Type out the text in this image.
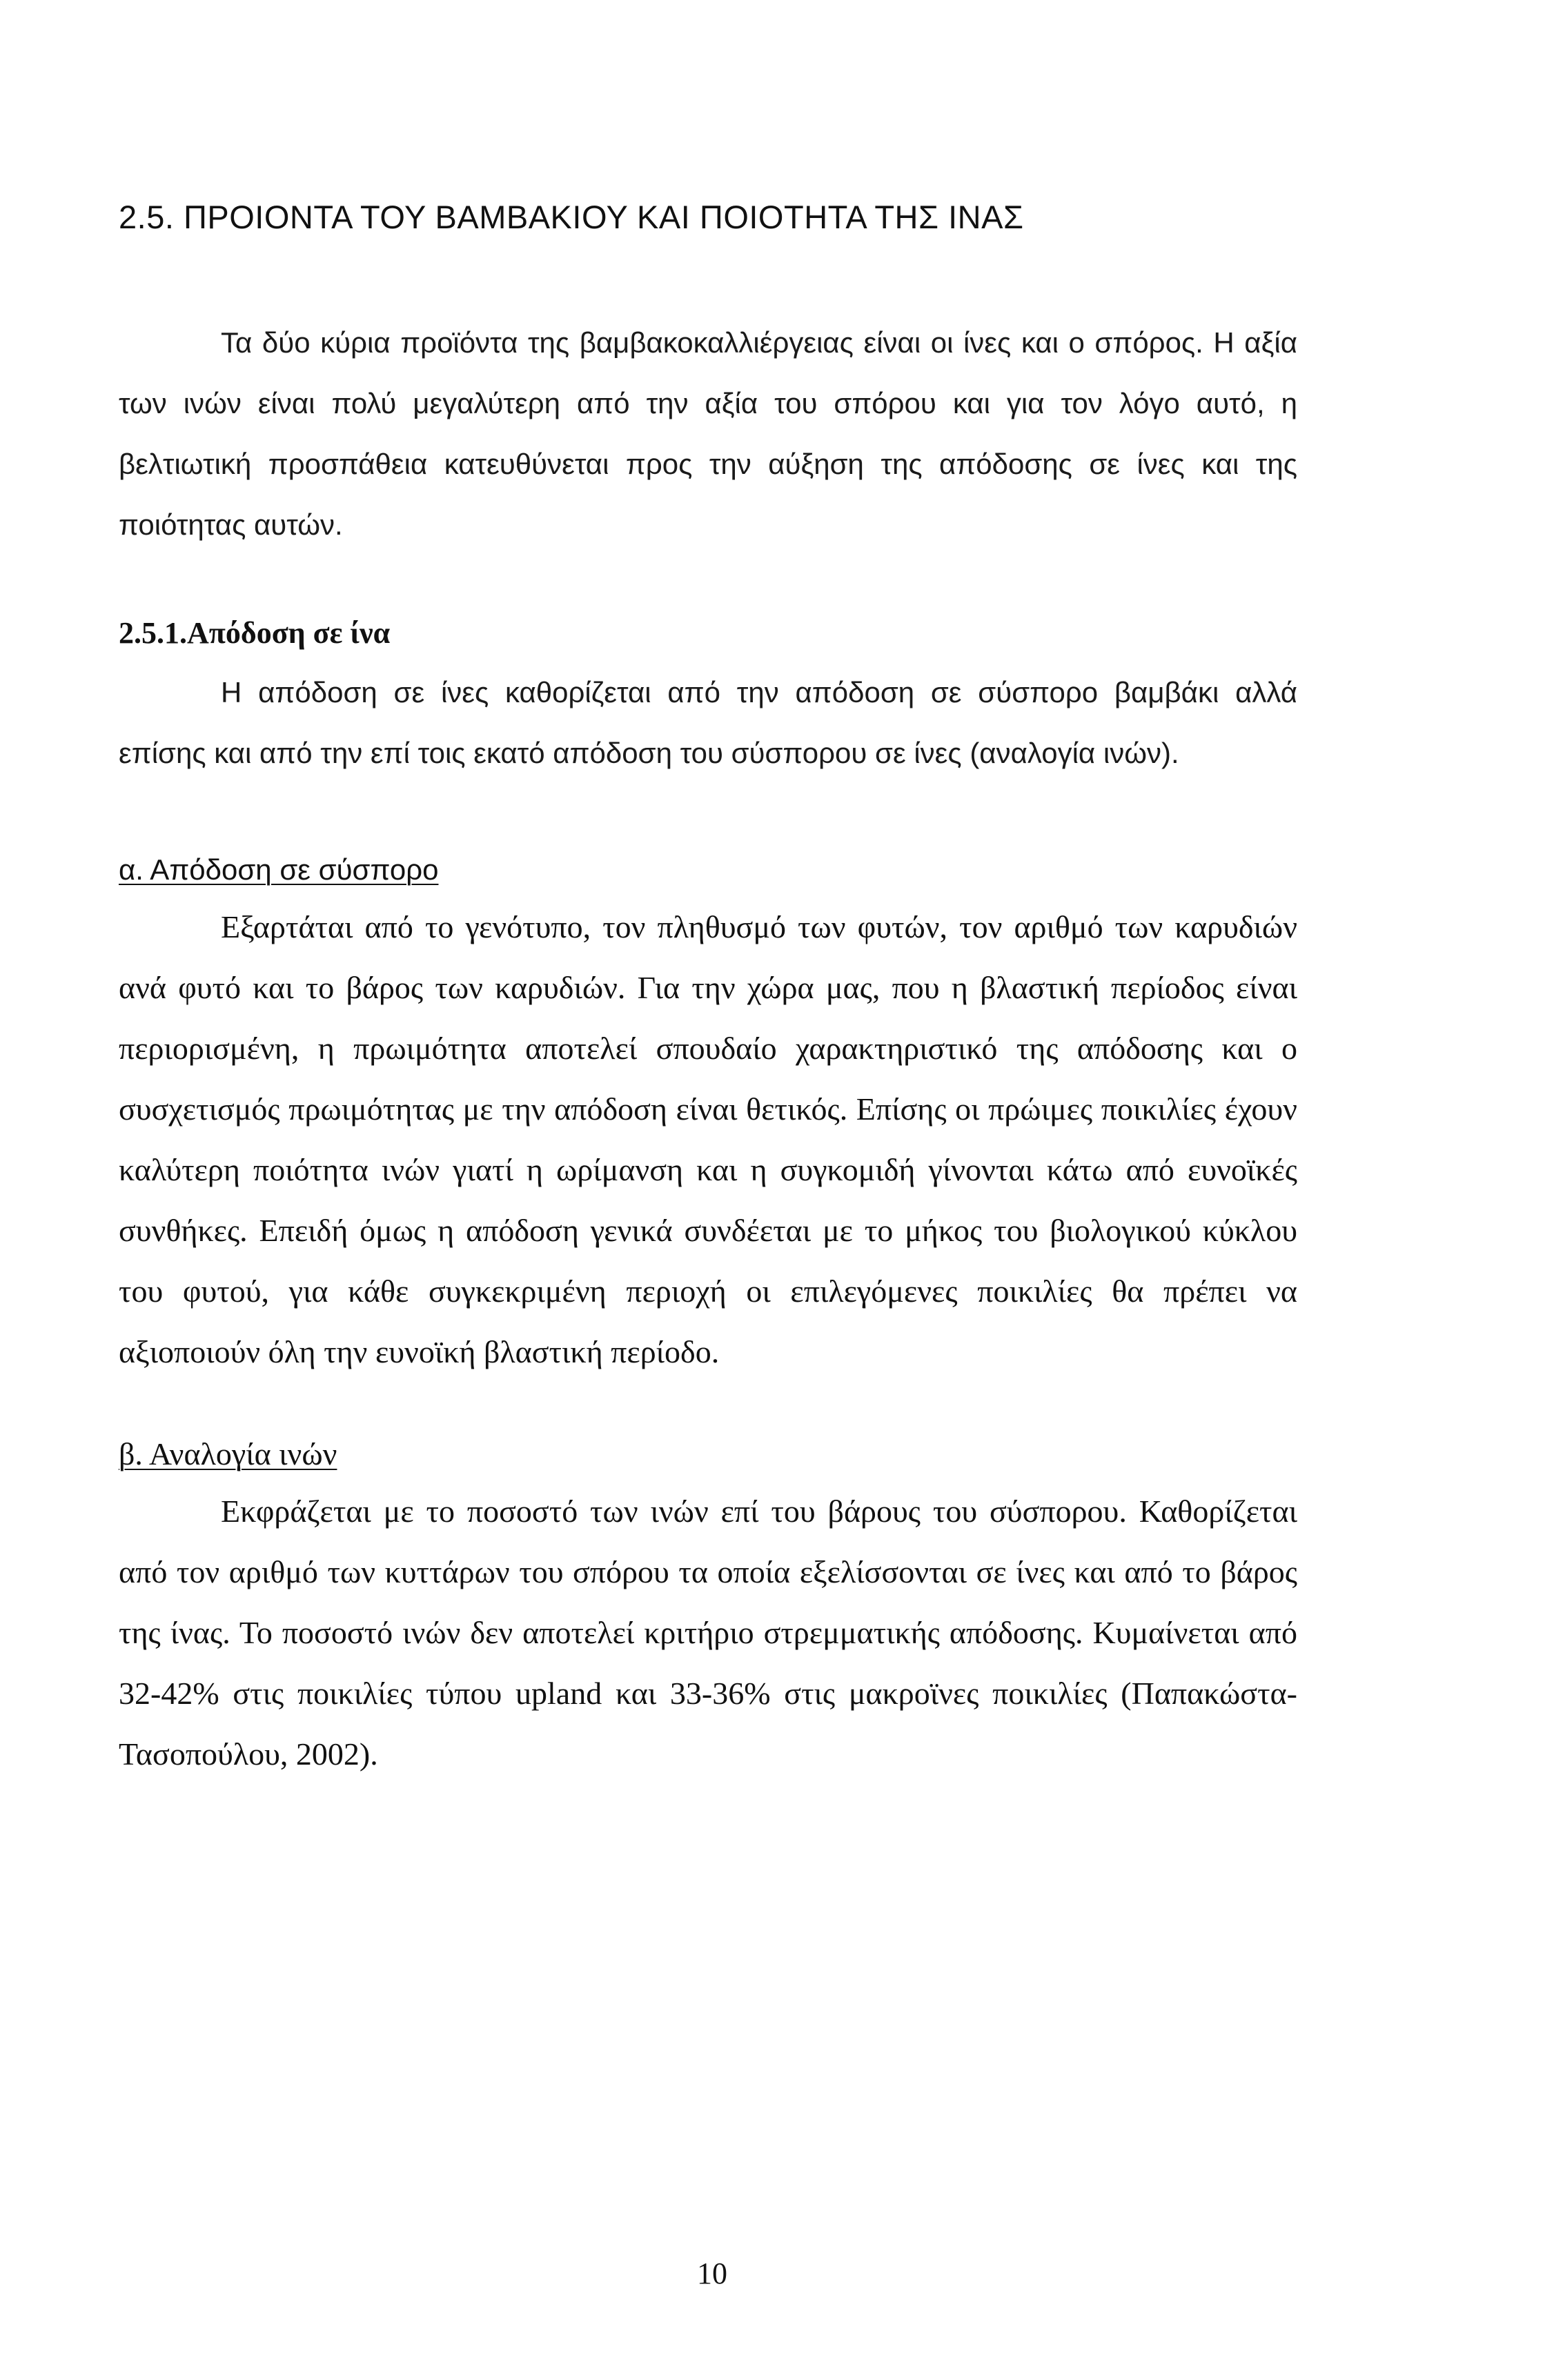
2.5. ΠΡΟΙΟΝΤΑ ΤΟΥ ΒΑΜΒΑΚΙΟΥ ΚΑΙ ΠΟΙΟΤΗΤΑ ΤΗΣ ΙΝΑΣ

Τα δύο κύρια προϊόντα της βαμβακοκαλλιέργειας είναι οι ίνες και ο σπόρος. Η αξία των ινών είναι πολύ μεγαλύτερη από την αξία του σπόρου και για τον λόγο αυτό, η βελτιωτική προσπάθεια κατευθύνεται προς την αύξηση της απόδοσης σε ίνες και της ποιότητας αυτών.

2.5.1.Απόδοση σε ίνα

Η απόδοση σε ίνες καθορίζεται από την απόδοση σε σύσπορο βαμβάκι αλλά επίσης και από την επί τοις εκατό απόδοση του σύσπορου σε ίνες (αναλογία ινών).

α. Απόδοση σε σύσπορο

Εξαρτάται από το γενότυπο, τον πληθυσμό των φυτών, τον αριθμό των καρυδιών ανά φυτό και το βάρος των καρυδιών. Για την χώρα μας, που η βλαστική περίοδος είναι περιορισμένη, η πρωιμότητα αποτελεί σπουδαίο χαρακτηριστικό της απόδοσης και ο συσχετισμός πρωιμότητας με την απόδοση είναι θετικός. Επίσης οι πρώιμες ποικιλίες έχουν καλύτερη ποιότητα ινών γιατί η ωρίμανση και η συγκομιδή γίνονται κάτω από ευνοϊκές συνθήκες. Επειδή όμως η απόδοση γενικά συνδέεται με το μήκος του βιολογικού κύκλου του φυτού, για κάθε συγκεκριμένη περιοχή οι επιλεγόμενες ποικιλίες θα πρέπει να αξιοποιούν όλη την ευνοϊκή βλαστική περίοδο.

β. Αναλογία ινών

Εκφράζεται με το ποσοστό των ινών επί του βάρους του σύσπορου. Καθορίζεται από τον αριθμό των κυττάρων του σπόρου τα οποία εξελίσσονται σε ίνες και από το βάρος της ίνας. Το ποσοστό ινών δεν αποτελεί κριτήριο στρεμματικής απόδοσης. Κυμαίνεται από 32-42% στις ποικιλίες τύπου upland και 33-36% στις μακροϊνες ποικιλίες (Παπακώστα-Τασοπούλου, 2002).

10
